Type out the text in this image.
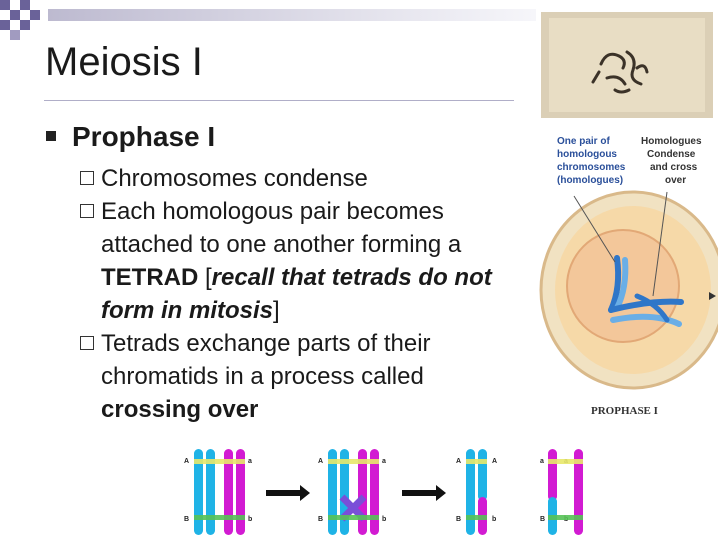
Meiosis I
Prophase I
Chromosomes condense
Each homologous pair becomes attached to one another forming a TETRAD [recall that tetrads do not form in mitosis]
Tetrads exchange parts of their chromatids in a process called crossing over
One pair of
homologous
chromosomes
(homologues)
Homologues
Condense
and cross
over
PROPHASE I
A	a
B	b
A	a
B	b
A	A	a
B	b	B
